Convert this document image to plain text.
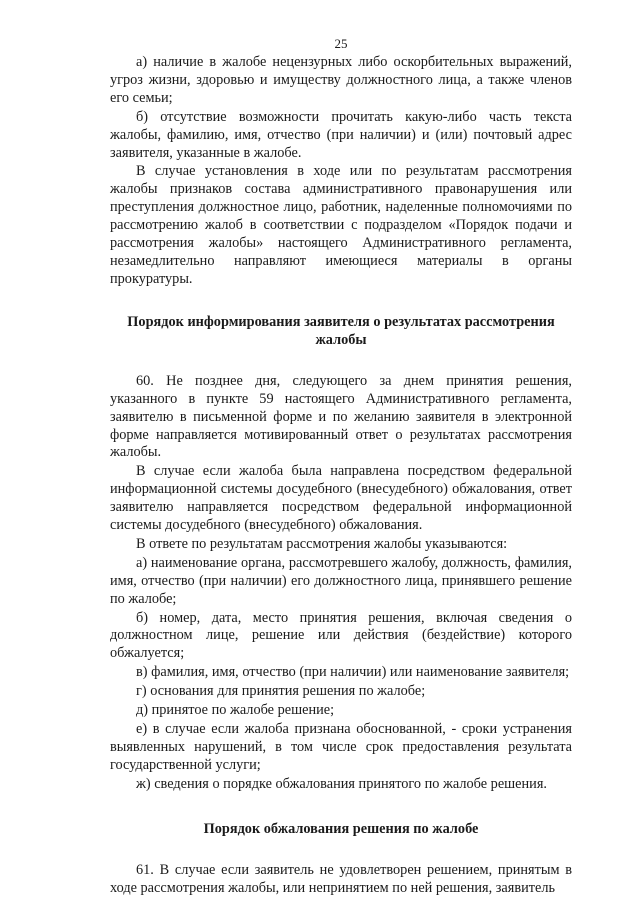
25

а) наличие в жалобе нецензурных либо оскорбительных выражений, угроз жизни, здоровью и имуществу должностного лица, а также членов его семьи;

б) отсутствие возможности прочитать какую-либо часть текста жалобы, фамилию, имя, отчество (при наличии) и (или) почтовый адрес заявителя, указанные в жалобе.

В случае установления в ходе или по результатам рассмотрения жалобы признаков состава административного правонарушения или преступления должностное лицо, работник, наделенные полномочиями по рассмотрению жалоб в соответствии с подразделом «Порядок подачи и рассмотрения жалобы» настоящего Административного регламента, незамедлительно направляют имеющиеся материалы в органы прокуратуры.

Порядок информирования заявителя о результатах рассмотрения жалобы

60. Не позднее дня, следующего за днем принятия решения, указанного в пункте 59 настоящего Административного регламента, заявителю в письменной форме и по желанию заявителя в электронной форме направляется мотивированный ответ о результатах рассмотрения жалобы.

В случае если жалоба была направлена посредством федеральной информационной системы досудебного (внесудебного) обжалования, ответ заявителю направляется посредством федеральной информационной системы досудебного (внесудебного) обжалования.

В ответе по результатам рассмотрения жалобы указываются:

а) наименование органа, рассмотревшего жалобу, должность, фамилия, имя, отчество (при наличии) его должностного лица, принявшего решение по жалобе;

б) номер, дата, место принятия решения, включая сведения о должностном лице, решение или действия (бездействие) которого обжалуется;

в) фамилия, имя, отчество (при наличии) или наименование заявителя;

г) основания для принятия решения по жалобе;

д) принятое по жалобе решение;

е) в случае если жалоба признана обоснованной, - сроки устранения выявленных нарушений, в том числе срок предоставления результата государственной услуги;

ж) сведения о порядке обжалования принятого по жалобе решения.

Порядок обжалования решения по жалобе

61. В случае если заявитель не удовлетворен решением, принятым в ходе рассмотрения жалобы, или непринятием по ней решения, заявитель
